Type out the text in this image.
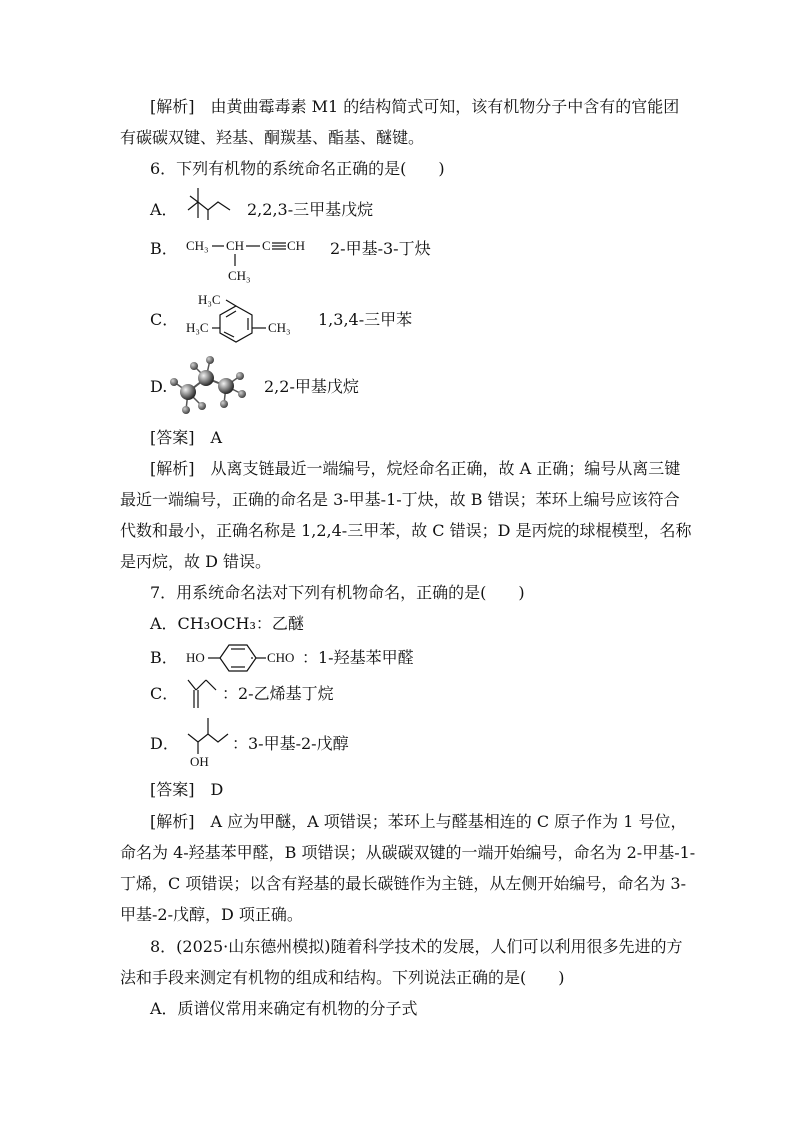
[解析]　由黄曲霉毒素 M1 的结构简式可知，该有机物分子中含有的官能团
有碳碳双键、羟基、酮羰基、酯基、醚键。
6．下列有机物的系统命名正确的是(　　)
A．	2,2,3-三甲基戊烷
B． CH₃ CH C CH
CH₃
2-甲基-3-丁炔
C．
H₃C
H₃C	CH₃ 1,3,4-三甲苯
D.	2,2-甲基戊烷
[答案]　A
[解析]　从离支链最近一端编号，烷烃命名正确，故 A 正确；编号从离三键
最近一端编号，正确的命名是 3-甲基-1-丁炔，故 B 错误；苯环上编号应该符合
代数和最小，正确名称是 1,2,4-三甲苯，故 C 错误；D 是丙烷的球棍模型，名称
是丙烷，故 D 错误。
7．用系统命名法对下列有机物命名，正确的是(　　)
A．CH₃OCH₃：乙醚
B． HO	CHO ：1-羟基苯甲醛
C．	：2-乙烯基丁烷
D．
OH
：3-甲基-2-戊醇
[答案]　D
[解析]　A 应为甲醚，A 项错误；苯环上与醛基相连的 C 原子作为 1 号位，
命名为 4-羟基苯甲醛，B 项错误；从碳碳双键的一端开始编号，命名为 2-甲基-1-
丁烯，C 项错误；以含有羟基的最长碳链作为主链，从左侧开始编号，命名为 3-
甲基-2-戊醇，D 项正确。
8．(2025·山东德州模拟)随着科学技术的发展，人们可以利用很多先进的方
法和手段来测定有机物的组成和结构。下列说法正确的是(　　)
A．质谱仪常用来确定有机物的分子式
